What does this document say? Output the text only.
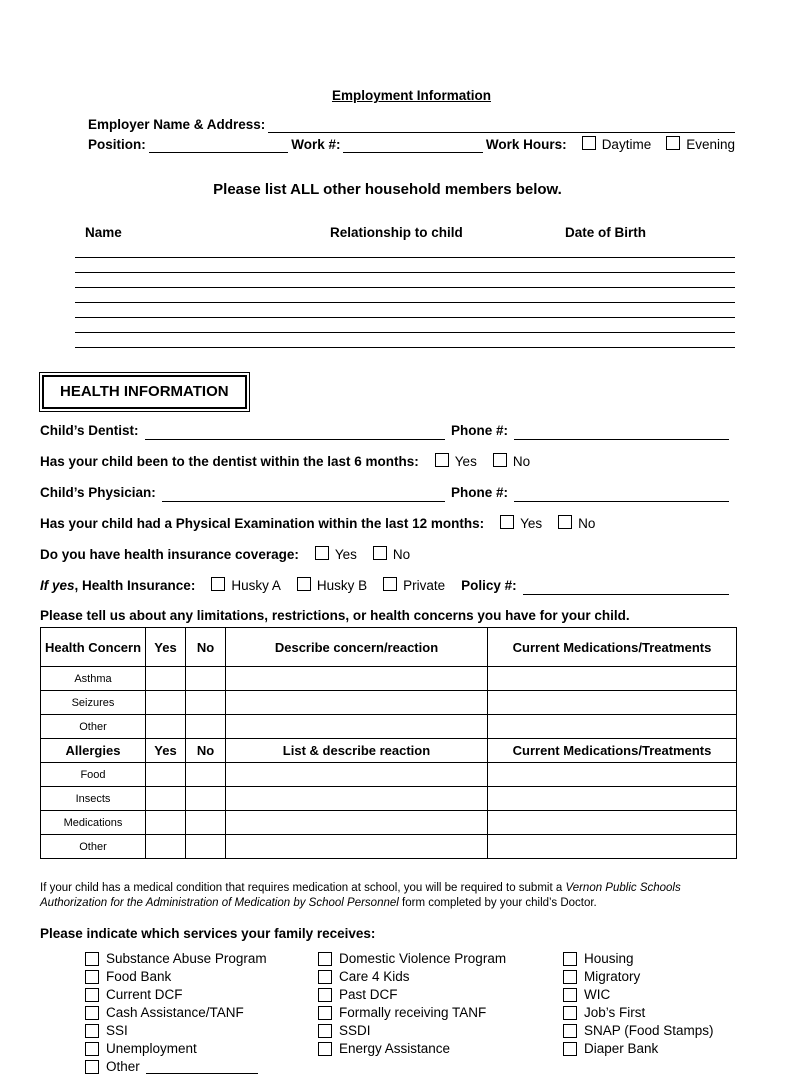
Employment Information
Employer Name & Address:
Position:	Work #:	Work Hours:	Daytime	Evening
Please list ALL other household members below.
Name	Relationship to child	Date of Birth
HEALTH INFORMATION
Child’s Dentist:	Phone #:
Has your child been to the dentist within the last 6 months:	Yes	No
Child’s Physician:	Phone #:
Has your child had a Physical Examination within the last 12 months:	Yes	No
Do you have health insurance coverage:	Yes	No
If yes , Health Insurance:	Husky A	Husky B	Private Policy #:
Please tell us about any limitations, restrictions, or health concerns you have for your child.
Health Concern	Yes	No	Describe concern/reaction	Current Medications/Treatments
Asthma				
Seizures				
Other				
Allergies	Yes	No	List & describe reaction	Current Medications/Treatments
Food				
Insects				
Medications				
Other				
If your child has a medical condition that requires medication at school, you will be required to submit a Vernon Public Schools Authorization for the Administration of Medication by School Personnel form completed by your child’s Doctor.
Please indicate which services your family receives:
Substance Abuse Program
Food Bank
Current DCF
Cash Assistance/TANF
SSI
Unemployment
Other
Domestic Violence Program
Care 4 Kids
Past DCF
Formally receiving TANF
SSDI
Energy Assistance
Housing
Migratory
WIC
Job’s First
SNAP (Food Stamps)
Diaper Bank
